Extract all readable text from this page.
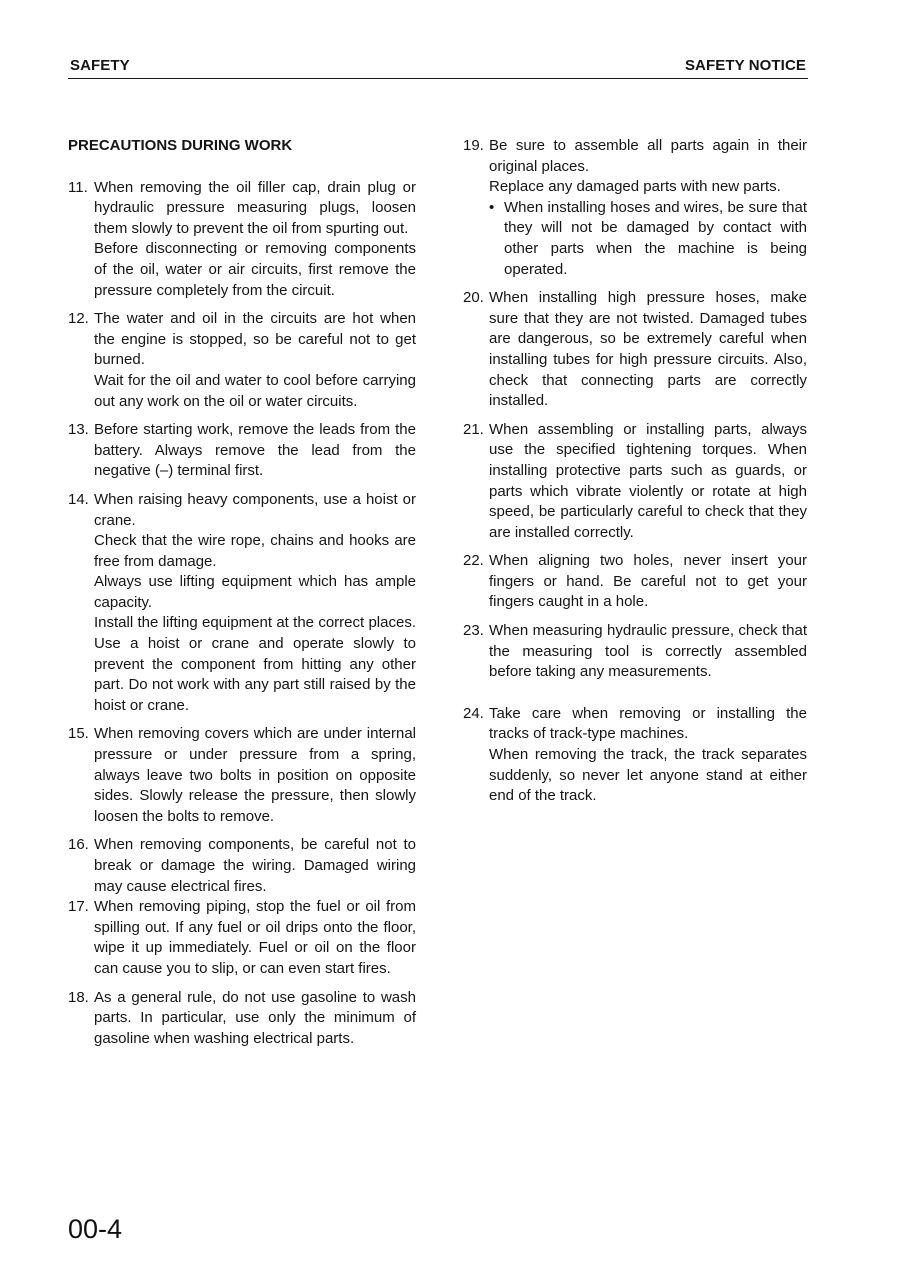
SAFETY	SAFETY NOTICE
PRECAUTIONS DURING WORK
11. When removing the oil filler cap, drain plug or hydraulic pressure measuring plugs, loosen them slowly to prevent the oil from spurting out.

Before disconnecting or removing components of the oil, water or air circuits, first remove the pressure completely from the circuit.

12. The water and oil in the circuits are hot when the engine is stopped, so be careful not to get burned.

Wait for the oil and water to cool before carrying out any work on the oil or water circuits.

13. Before starting work, remove the leads from the battery. Always remove the lead from the negative (–) terminal first.

14. When raising heavy components, use a hoist or crane.

Check that the wire rope, chains and hooks are free from damage.

Always use lifting equipment which has ample capacity.

Install the lifting equipment at the correct places. Use a hoist or crane and operate slowly to prevent the component from hitting any other part. Do not work with any part still raised by the hoist or crane.

15. When removing covers which are under internal pressure or under pressure from a spring, always leave two bolts in position on opposite sides. Slowly release the pressure, then slowly loosen the bolts to remove.

16. When removing components, be careful not to break or damage the wiring. Damaged wiring may cause electrical fires.

17. When removing piping, stop the fuel or oil from spilling out. If any fuel or oil drips onto the floor, wipe it up immediately. Fuel or oil on the floor can cause you to slip, or can even start fires.

18. As a general rule, do not use gasoline to wash parts. In particular, use only the minimum of gasoline when washing electrical parts.

19. Be sure to assemble all parts again in their original places.

Replace any damaged parts with new parts.

• When installing hoses and wires, be sure that they will not be damaged by contact with other parts when the machine is being operated.

20. When installing high pressure hoses, make sure that they are not twisted. Damaged tubes are dangerous, so be extremely careful when installing tubes for high pressure circuits. Also, check that connecting parts are correctly installed.

21. When assembling or installing parts, always use the specified tightening torques. When installing protective parts such as guards, or parts which vibrate violently or rotate at high speed, be particularly careful to check that they are installed correctly.

22. When aligning two holes, never insert your fingers or hand. Be careful not to get your fingers caught in a hole.

23. When measuring hydraulic pressure, check that the measuring tool is correctly assembled before taking any measurements.

24. Take care when removing or installing the tracks of track-type machines.

When removing the track, the track separates suddenly, so never let anyone stand at either end of the track.

00-4
